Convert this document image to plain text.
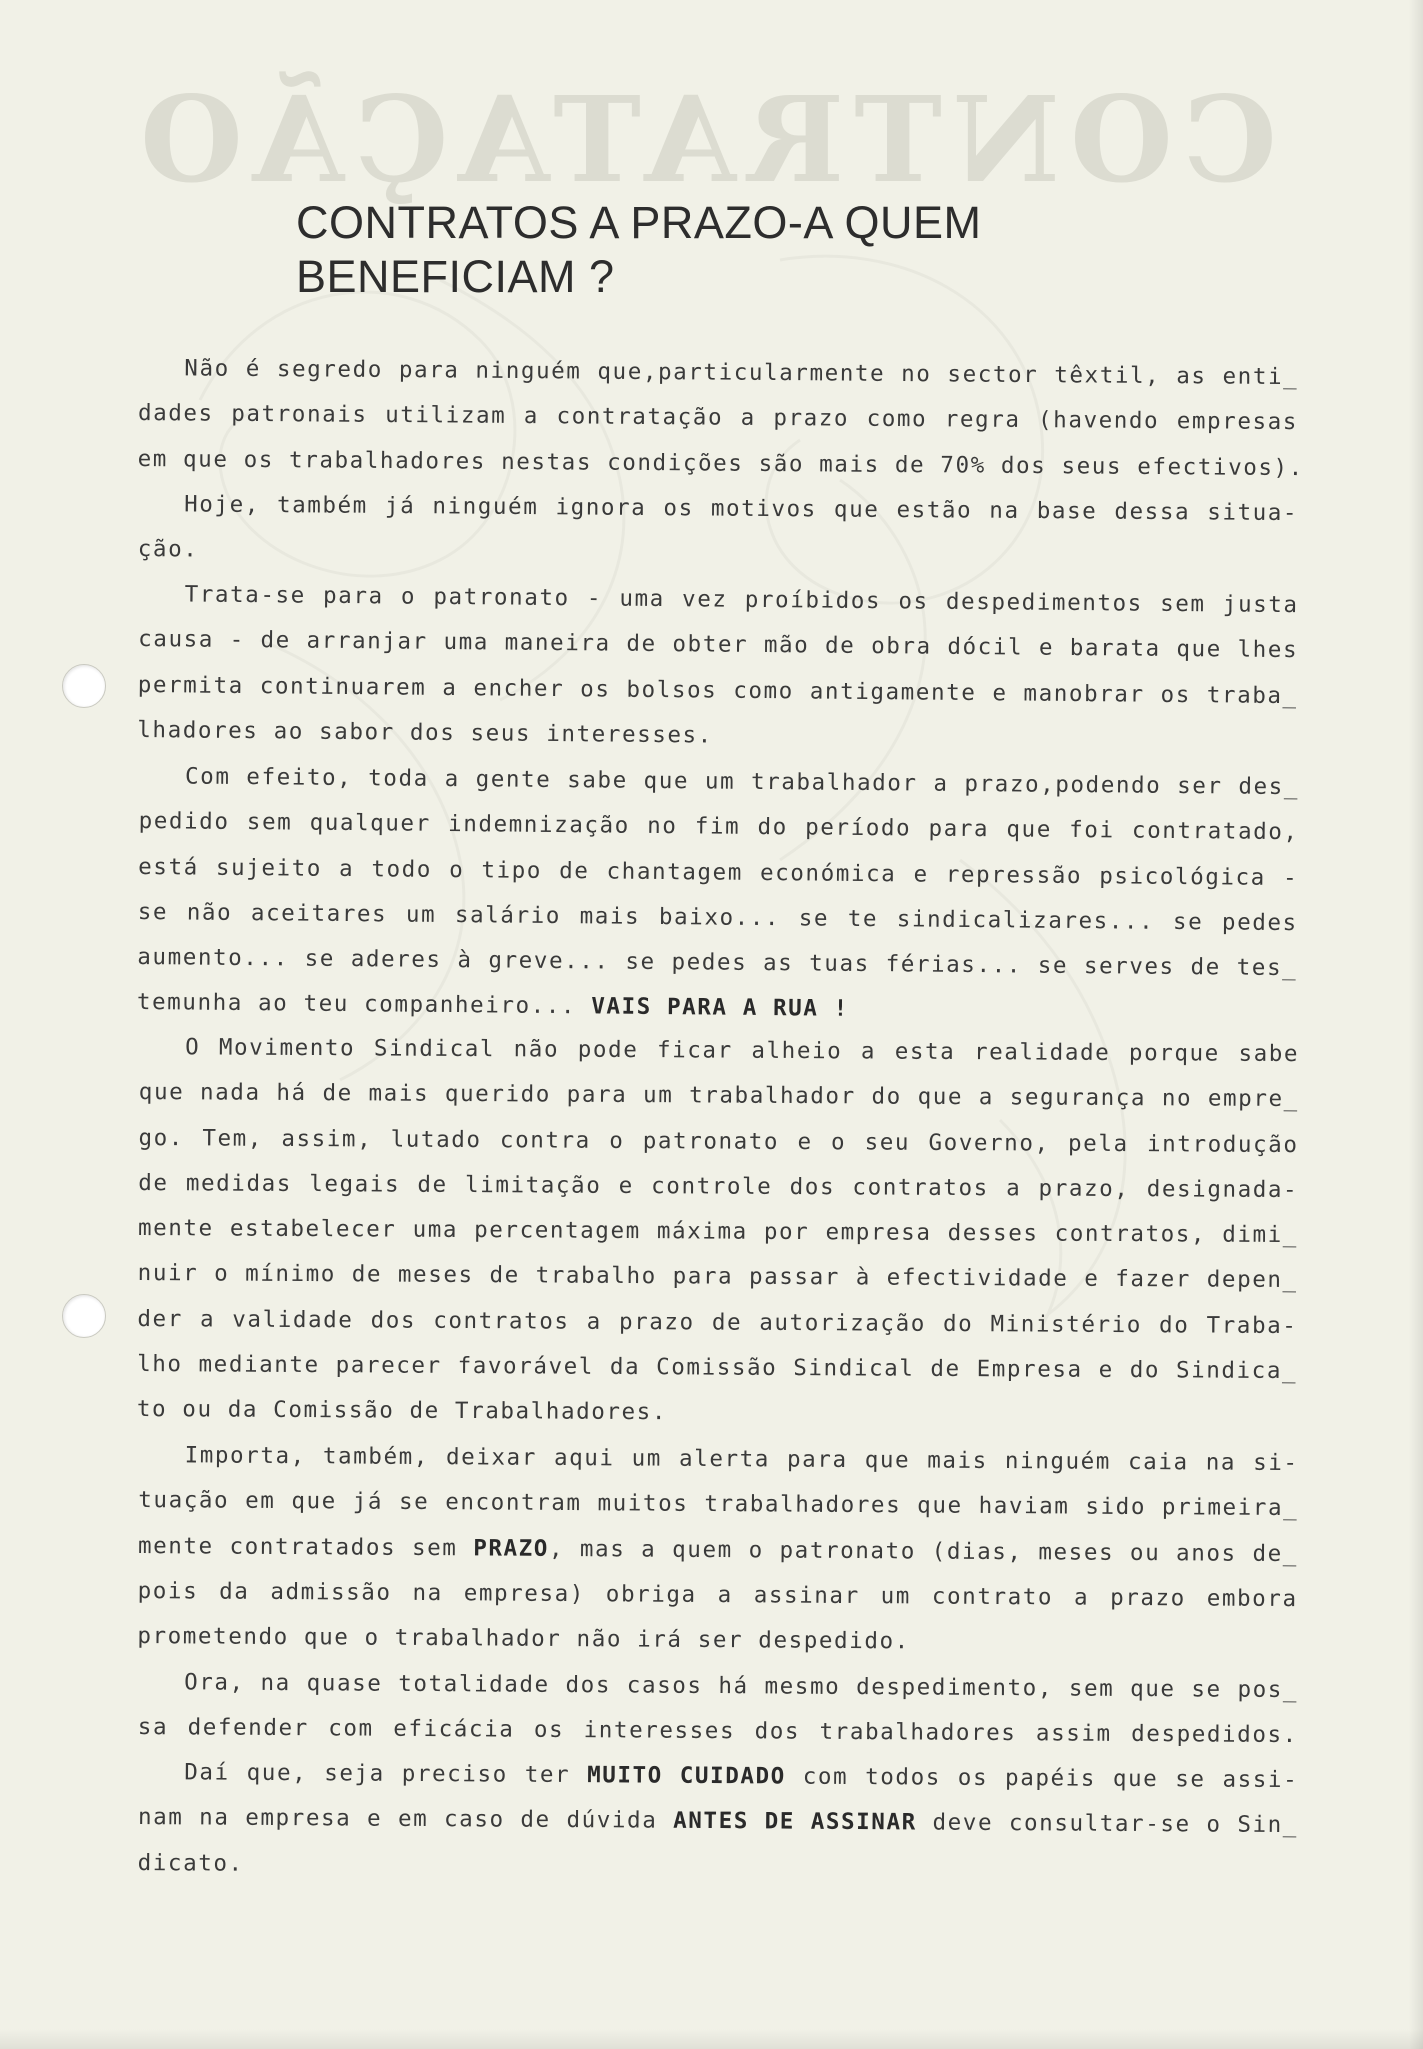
CONTRATAÇÃO
CONTRATOS A PRAZO-A QUEM
BENEFICIAM ?
Não é segredo para ninguém que,particularmente no sector têxtil, as enti_
dades patronais utilizam a contratação a prazo como regra (havendo empresas
em que os trabalhadores nestas condições são mais de 70% dos seus efectivos).
Hoje, também já ninguém ignora os motivos que estão na base dessa situa-
ção.
Trata-se para o patronato - uma vez proíbidos os despedimentos sem justa
causa - de arranjar uma maneira de obter mão de obra dócil e barata que lhes
permita continuarem a encher os bolsos como antigamente e manobrar os traba_
lhadores ao sabor dos seus interesses.
Com efeito, toda a gente sabe que um trabalhador a prazo,podendo ser des_
pedido sem qualquer indemnização no fim do período para que foi contratado,
está sujeito a todo o tipo de chantagem económica e repressão psicológica -
se não aceitares um salário mais baixo... se te sindicalizares... se pedes
aumento... se aderes à greve... se pedes as tuas férias... se serves de tes_
temunha ao teu companheiro... VAIS PARA A RUA !
O Movimento Sindical não pode ficar alheio a esta realidade porque sabe
que nada há de mais querido para um trabalhador do que a segurança no empre_
go. Tem, assim, lutado contra o patronato e o seu Governo, pela introdução
de medidas legais de limitação e controle dos contratos a prazo, designada-
mente estabelecer uma percentagem máxima por empresa desses contratos, dimi_
nuir o mínimo de meses de trabalho para passar à efectividade e fazer depen_
der a validade dos contratos a prazo de autorização do Ministério do Traba-
lho mediante parecer favorável da Comissão Sindical de Empresa e do Sindica_
to ou da Comissão de Trabalhadores.
Importa, também, deixar aqui um alerta para que mais ninguém caia na si-
tuação em que já se encontram muitos trabalhadores que haviam sido primeira_
mente contratados sem PRAZO, mas a quem o patronato (dias, meses ou anos de_
pois da admissão na empresa) obriga a assinar um contrato a prazo embora
prometendo que o trabalhador não irá ser despedido.
Ora, na quase totalidade dos casos há mesmo despedimento, sem que se pos_
sa defender com eficácia os interesses dos trabalhadores assim despedidos.
Daí que, seja preciso ter MUITO CUIDADO com todos os papéis que se assi-
nam na empresa e em caso de dúvida ANTES DE ASSINAR deve consultar-se o Sin_
dicato.
